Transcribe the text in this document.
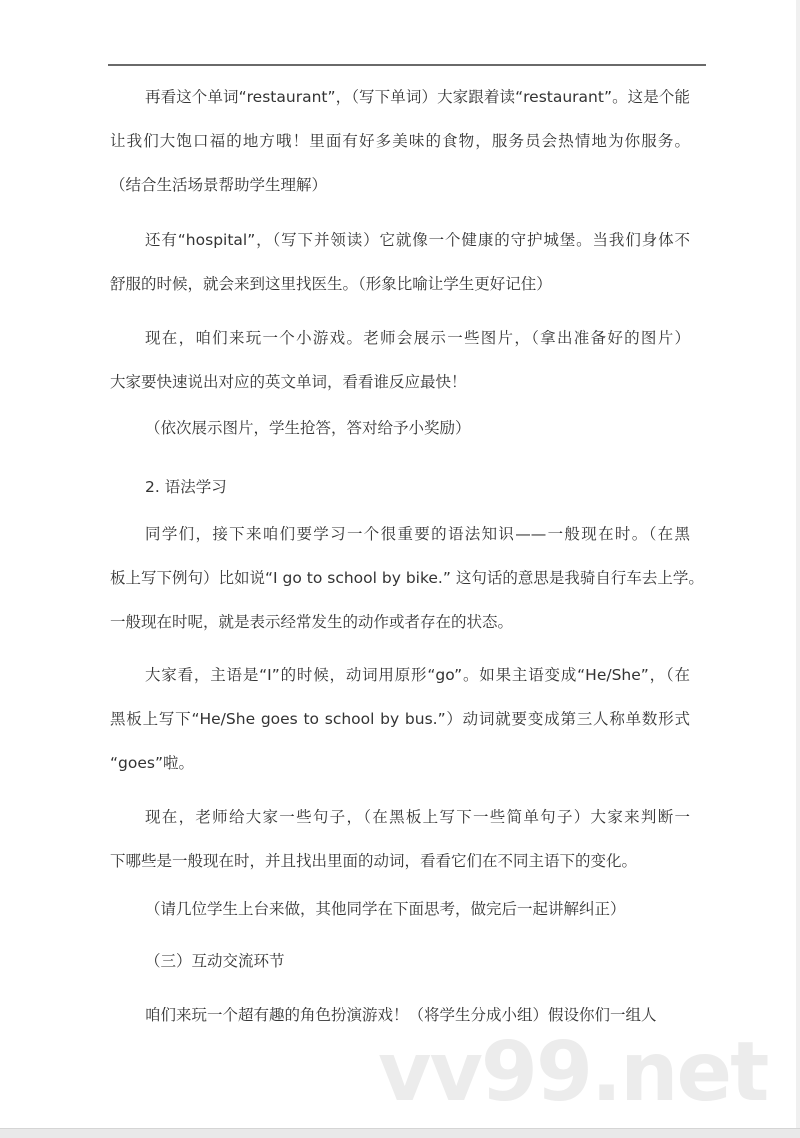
再看这个单词“restaurant”，（写下单词）大家跟着读“restaurant”。这是个能
让我们大饱口福的地方哦！里面有好多美味的食物，服务员会热情地为你服务。
（结合生活场景帮助学生理解）
还有“hospital”，（写下并领读）它就像一个健康的守护城堡。当我们身体不
舒服的时候，就会来到这里找医生。（形象比喻让学生更好记住）
现在，咱们来玩一个小游戏。老师会展示一些图片，（拿出准备好的图片）
大家要快速说出对应的英文单词，看看谁反应最快！
（依次展示图片，学生抢答，答对给予小奖励）
2. 语法学习
同学们，接下来咱们要学习一个很重要的语法知识——一般现在时。（在黑
板上写下例句）比如说“I go to school by bike.” 这句话的意思是我骑自行车去上学。
一般现在时呢，就是表示经常发生的动作或者存在的状态。
大家看，主语是“I”的时候，动词用原形“go”。如果主语变成“He/She”，（在
黑板上写下“He/She goes to school by bus.”）动词就要变成第三人称单数形式
“goes”啦。
现在，老师给大家一些句子，（在黑板上写下一些简单句子）大家来判断一
下哪些是一般现在时，并且找出里面的动词，看看它们在不同主语下的变化。
（请几位学生上台来做，其他同学在下面思考，做完后一起讲解纠正）
（三）互动交流环节
咱们来玩一个超有趣的角色扮演游戏！（将学生分成小组）假设你们一组人
vv99.net
